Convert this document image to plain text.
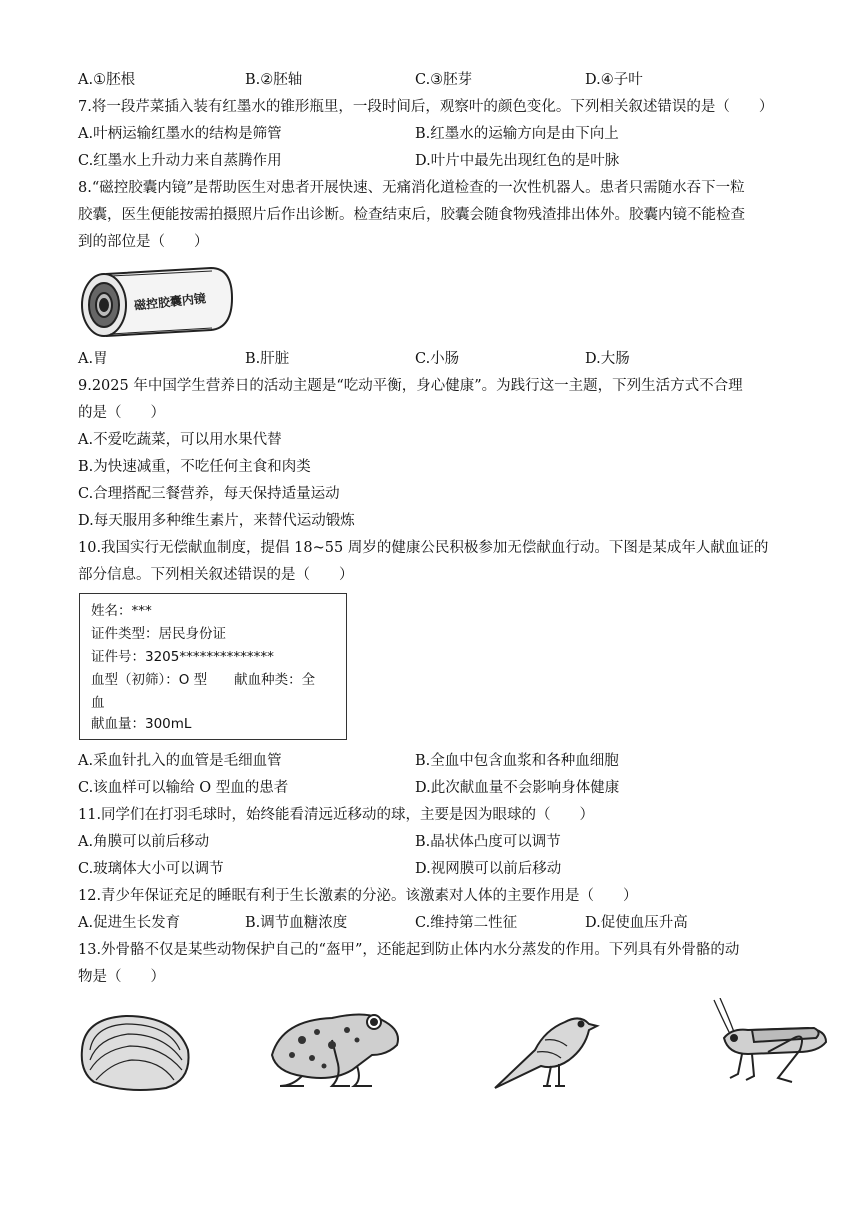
A.①胚根	B.②胚轴	C.③胚芽	D.④子叶
7.将一段芹菜插入装有红墨水的锥形瓶里，一段时间后，观察叶的颜色变化。下列相关叙述错误的是（　　）
A.叶柄运输红墨水的结构是筛管	B.红墨水的运输方向是由下向上
C.红墨水上升动力来自蒸腾作用	D.叶片中最先出现红色的是叶脉
8.“磁控胶囊内镜”是帮助医生对患者开展快速、无痛消化道检查的一次性机器人。患者只需随水吞下一粒
胶囊，医生便能按需拍摄照片后作出诊断。检查结束后，胶囊会随食物残渣排出体外。胶囊内镜不能检查
到的部位是（　　）
磁控胶囊内镜
A.胃	B.肝脏	C.小肠	D.大肠
9.2025 年中国学生营养日的活动主题是“吃动平衡，身心健康”。为践行这一主题，下列生活方式不合理
的是（　　）
A.不爱吃蔬菜，可以用水果代替
B.为快速减重，不吃任何主食和肉类
C.合理搭配三餐营养，每天保持适量运动
D.每天服用多种维生素片，来替代运动锻炼
10.我国实行无偿献血制度，提倡 18~55 周岁的健康公民积极参加无偿献血行动。下图是某成年人献血证的
部分信息。下列相关叙述错误的是（　　）
姓名：***
证件类型：居民身份证
证件号：3205**************
血型（初筛）：O 型　　献血种类：全
血
献血量：300mL
A.采血针扎入的血管是毛细血管	B.全血中包含血浆和各种血细胞
C.该血样可以输给 O 型血的患者	D.此次献血量不会影响身体健康
11.同学们在打羽毛球时，始终能看清远近移动的球，主要是因为眼球的（　　）
A.角膜可以前后移动	B.晶状体凸度可以调节
C.玻璃体大小可以调节	D.视网膜可以前后移动
12.青少年保证充足的睡眠有利于生长激素的分泌。该激素对人体的主要作用是（　　）
A.促进生长发育	B.调节血糖浓度	C.维持第二性征	D.促使血压升高
13.外骨骼不仅是某些动物保护自己的“盔甲”，还能起到防止体内水分蒸发的作用。下列具有外骨骼的动
物是（　　）
